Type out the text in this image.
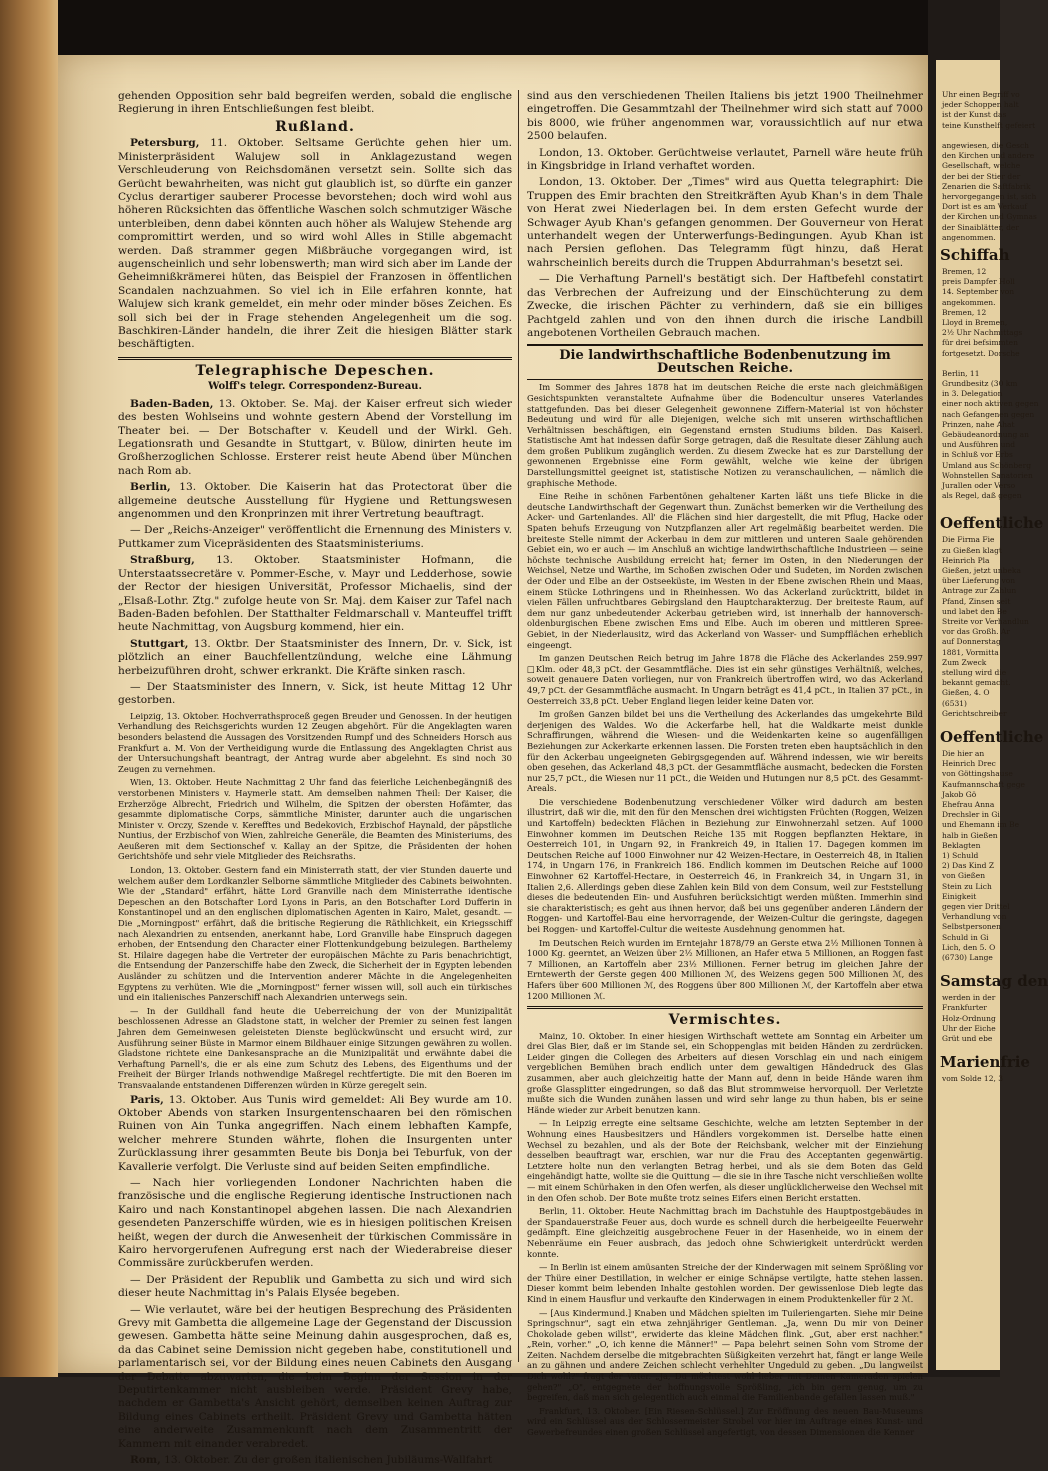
gehenden Opposition sehr bald begreifen werden, sobald die englische Regierung in ihren Entschließungen fest bleibt.

Rußland.

Petersburg, 11. Oktober. Seltsame Gerüchte gehen hier um. Ministerpräsident Walujew soll in Anklagezustand wegen Verschleuderung von Reichsdomänen versetzt sein. Sollte sich das Gerücht bewahrheiten, was nicht gut glaublich ist, so dürfte ein ganzer Cyclus derartiger sauberer Processe bevorstehen; doch wird wohl aus höheren Rücksichten das öffentliche Waschen solch schmutziger Wäsche unterbleiben, denn dabei könnten auch höher als Walujew Stehende arg compromittirt werden, und so wird wohl Alles in Stille abgemacht werden. Daß strammer gegen Mißbräuche vorgegangen wird, ist augenscheinlich und sehr lobenswerth; man wird sich aber im Lande der Geheimnißkrämerei hüten, das Beispiel der Franzosen in öffentlichen Scandalen nachzuahmen. So viel ich in Eile erfahren konnte, hat Walujew sich krank gemeldet, ein mehr oder minder böses Zeichen. Es soll sich bei der in Frage stehenden Angelegenheit um die sog. Baschkiren-Länder handeln, die ihrer Zeit die hiesigen Blätter stark beschäftigten.

Telegraphische Depeschen.
Wolff's telegr. Correspondenz-Bureau.

Baden-Baden, 13. Oktober. Se. Maj. der Kaiser erfreut sich wieder des besten Wohlseins und wohnte gestern Abend der Vorstellung im Theater bei. — Der Botschafter v. Keudell und der Wirkl. Geh. Legationsrath und Gesandte in Stuttgart, v. Bülow, dinirten heute im Großherzoglichen Schlosse. Ersterer reist heute Abend über München nach Rom ab.

Berlin, 13. Oktober. Die Kaiserin hat das Protectorat über die allgemeine deutsche Ausstellung für Hygiene und Rettungswesen angenommen und den Kronprinzen mit ihrer Vertretung beauftragt.

— Der „Reichs-Anzeiger" veröffentlicht die Ernennung des Ministers v. Puttkamer zum Vicepräsidenten des Staatsministeriums.

Straßburg, 13. Oktober. Staatsminister Hofmann, die Unterstaatssecretäre v. Pommer-Esche, v. Mayr und Ledderhose, sowie der Rector der hiesigen Universität, Professor Michaelis, sind der „Elsaß-Lothr. Ztg." zufolge heute von Sr. Maj. dem Kaiser zur Tafel nach Baden-Baden befohlen. Der Statthalter Feldmarschall v. Manteuffel trifft heute Nachmittag, von Augsburg kommend, hier ein.

Stuttgart, 13. Oktbr. Der Staatsminister des Innern, Dr. v. Sick, ist plötzlich an einer Bauchfellentzündung, welche eine Lähmung herbeizuführen droht, schwer erkrankt. Die Kräfte sinken rasch.

— Der Staatsminister des Innern, v. Sick, ist heute Mittag 12 Uhr gestorben.

Leipzig, 13. Oktober. Hochverrathsproceß gegen Breuder und Genossen. In der heutigen Verhandlung des Reichsgerichts wurden 12 Zeugen abgehört. Für die Angeklagten waren besonders belastend die Aussagen des Vorsitzenden Rumpf und des Schneiders Horsch aus Frankfurt a. M. Von der Vertheidigung wurde die Entlassung des Angeklagten Christ aus der Untersuchungshaft beantragt, der Antrag wurde aber abgelehnt. Es sind noch 30 Zeugen zu vernehmen.

Wien, 13. Oktober. Heute Nachmittag 2 Uhr fand das feierliche Leichenbegängniß des verstorbenen Ministers v. Haymerle statt. Am demselben nahmen Theil: Der Kaiser, die Erzherzöge Albrecht, Friedrich und Wilhelm, die Spitzen der obersten Hofämter, das gesammte diplomatische Corps, sämmtliche Minister, darunter auch die ungarischen Minister v. Orczy, Szende v. Kerefftes und Bedekovich, Erzbischof Haynald, der päpstliche Nuntius, der Erzbischof von Wien, zahlreiche Generäle, die Beamten des Ministeriums, des Aeußeren mit dem Sectionschef v. Kallay an der Spitze, die Präsidenten der hohen Gerichtshöfe und sehr viele Mitglieder des Reichsraths.

London, 13. Oktober. Gestern fand ein Ministerrath statt, der vier Stunden dauerte und welchem außer dem Lordkanzler Selborne sämmtliche Mitglieder des Cabinets beiwohnten. Wie der „Standard" erfährt, hätte Lord Granville nach dem Ministerrathe identische Depeschen an den Botschafter Lord Lyons in Paris, an den Botschafter Lord Dufferin in Konstantinopel und an den englischen diplomatischen Agenten in Kairo, Malet, gesandt. — Die „Morningpost" erfährt, daß die britische Regierung die Räthlichkeit, ein Kriegsschiff nach Alexandrien zu entsenden, anerkannt habe, Lord Granville habe Einspruch dagegen erhoben, der Entsendung den Character einer Flottenkundgebung beizulegen. Barthelemy St. Hilaire dagegen habe die Vertreter der europäischen Mächte zu Paris benachrichtigt, die Entsendung der Panzerschiffe habe den Zweck, die Sicherheit der in Egypten lebenden Ausländer zu schützen und die Intervention anderer Mächte in die Angelegenheiten Egyptens zu verhüten. Wie die „Morningpost" ferner wissen will, soll auch ein türkisches und ein italienisches Panzerschiff nach Alexandrien unterwegs sein.

— In der Guildhall fand heute die Ueberreichung der von der Munizipalität beschlossenen Adresse an Gladstone statt, in welcher der Premier zu seinen fest langen Jahren dem Gemeinwesen geleisteten Dienste beglückwünscht und ersucht wird, zur Ausführung seiner Büste in Marmor einem Bildhauer einige Sitzungen gewähren zu wollen. Gladstone richtete eine Dankesansprache an die Munizipalität und erwähnte dabei die Verhaftung Parnell's, die er als eine zum Schutz des Lebens, des Eigenthums und der Freiheit der Bürger Irlands nothwendige Maßregel rechtfertigte. Die mit den Boeren im Transvaalande entstandenen Differenzen würden in Kürze geregelt sein.

Paris, 13. Oktober. Aus Tunis wird gemeldet: Ali Bey wurde am 10. Oktober Abends von starken Insurgentenschaaren bei den römischen Ruinen von Ain Tunka angegriffen. Nach einem lebhaften Kampfe, welcher mehrere Stunden währte, flohen die Insurgenten unter Zurücklassung ihrer gesammten Beute bis Donja bei Teburfuk, von der Kavallerie verfolgt. Die Verluste sind auf beiden Seiten empfindliche.

— Nach hier vorliegenden Londoner Nachrichten haben die französische und die englische Regierung identische Instructionen nach Kairo und nach Konstantinopel abgehen lassen. Die nach Alexandrien gesendeten Panzerschiffe würden, wie es in hiesigen politischen Kreisen heißt, wegen der durch die Anwesenheit der türkischen Commissäre in Kairo hervorgerufenen Aufregung erst nach der Wiederabreise dieser Commissäre zurückberufen werden.

— Der Präsident der Republik und Gambetta zu sich und wird sich dieser heute Nachmittag in's Palais Elysée begeben.

— Wie verlautet, wäre bei der heutigen Besprechung des Präsidenten Grevy mit Gambetta die allgemeine Lage der Gegenstand der Discussion gewesen. Gambetta hätte seine Meinung dahin ausgesprochen, daß es, da das Cabinet seine Demission nicht gegeben habe, constitutionell und parlamentarisch sei, vor der Bildung eines neuen Cabinets den Ausgang der Debatte abzuwarten, die beim Beginn der Session in der Deputirtenkammer nicht ausbleiben werde. Präsident Grevy habe, nachdem er Gambetta's Ansicht gehört, demselben keinen Auftrag zur Bildung eines Cabinets ertheilt. Präsident Grevy und Gambetta hätten eine anderweite Zusammenkunft nach dem Zusammentritt der Kammern mit einander verabredet.

Rom, 13. Oktober. Zu der großen italienischen Jubiläums-Wallfahrt

sind aus den verschiedenen Theilen Italiens bis jetzt 1900 Theilnehmer eingetroffen. Die Gesammtzahl der Theilnehmer wird sich statt auf 7000 bis 8000, wie früher angenommen war, voraussichtlich auf nur etwa 2500 belaufen.

London, 13. Oktober. Gerüchtweise verlautet, Parnell wäre heute früh in Kingsbridge in Irland verhaftet worden.

London, 13. Oktober. Der „Times" wird aus Quetta telegraphirt: Die Truppen des Emir brachten den Streitkräften Ayub Khan's in dem Thale von Herat zwei Niederlagen bei. In dem ersten Gefecht wurde der Schwager Ayub Khan's gefangen genommen. Der Gouverneur von Herat unterhandelt wegen der Unterwerfungs-Bedingungen. Ayub Khan ist nach Persien geflohen. Das Telegramm fügt hinzu, daß Herat wahrscheinlich bereits durch die Truppen Abdurrahman's besetzt sei.

— Die Verhaftung Parnell's bestätigt sich. Der Haftbefehl constatirt das Verbrechen der Aufreizung und der Einschüchterung zu dem Zwecke, die irischen Pächter zu verhindern, daß sie ein billiges Pachtgeld zahlen und von den ihnen durch die irische Landbill angebotenen Vortheilen Gebrauch machen.

Die landwirthschaftliche Bodenbenutzung im Deutschen Reiche.

Im Sommer des Jahres 1878 hat im deutschen Reiche die erste nach gleichmäßigen Gesichtspunkten veranstaltete Aufnahme über die Bodencultur unseres Vaterlandes stattgefunden. Das bei dieser Gelegenheit gewonnene Ziffern-Material ist von höchster Bedeutung und wird für alle Diejenigen, welche sich mit unseren wirthschaftlichen Verhältnissen beschäftigen, ein Gegenstand ernsten Studiums bilden. Das Kaiserl. Statistische Amt hat indessen dafür Sorge getragen, daß die Resultate dieser Zählung auch dem großen Publikum zugänglich werden. Zu diesem Zwecke hat es zur Darstellung der gewonnenen Ergebnisse eine Form gewählt, welche wie keine der übrigen Darstellungsmittel geeignet ist, statistische Notizen zu veranschaulichen, — nämlich die graphische Methode.

Eine Reihe in schönen Farbentönen gehaltener Karten läßt uns tiefe Blicke in die deutsche Landwirthschaft der Gegenwart thun. Zunächst bemerken wir die Vertheilung des Acker- und Gartenlandes. All' die Flächen sind hier dargestellt, die mit Pflug, Hacke oder Spaten behufs Erzeugung von Nutzpflanzen aller Art regelmäßig bearbeitet werden. Die breiteste Stelle nimmt der Ackerbau in dem zur mittleren und unteren Saale gehörenden Gebiet ein, wo er auch — im Anschluß an wichtige landwirthschaftliche Industrieen — seine höchste technische Ausbildung erreicht hat; ferner im Osten, in den Niederungen der Weichsel, Netze und Warthe, im Schoßen zwischen Oder und Sudeten, im Norden zwischen der Oder und Elbe an der Ostseeküste, im Westen in der Ebene zwischen Rhein und Maas, einem Stücke Lothringens und in Rheinhessen. Wo das Ackerland zurücktritt, bildet in vielen Fällen unfruchtbares Gebirgsland den Hauptcharakterzug. Der breiteste Raum, auf dem nur ganz unbedeutender Ackerbau getrieben wird, ist innerhalb der hannoversch-oldenburgischen Ebene zwischen Ems und Elbe. Auch im oberen und mittleren Spree-Gebiet, in der Niederlausitz, wird das Ackerland von Wasser- und Sumpfflächen erheblich eingeengt.

Im ganzen Deutschen Reich betrug im Jahre 1878 die Fläche des Ackerlandes 259.997 □Klm. oder 48,3 pCt. der Gesammtfläche. Dies ist ein sehr günstiges Verhältniß, welches, soweit genauere Daten vorliegen, nur von Frankreich übertroffen wird, wo das Ackerland 49,7 pCt. der Gesammtfläche ausmacht. In Ungarn beträgt es 41,4 pCt., in Italien 37 pCt., in Oesterreich 33,8 pCt. Ueber England liegen leider keine Daten vor.

Im großen Ganzen bildet bei uns die Vertheilung des Ackerlandes das umgekehrte Bild derjenigen des Waldes. Wo die Ackerfarbe hell, hat die Waldkarte meist dunkle Schraffirungen, während die Wiesen- und die Weidenkarten keine so augenfälligen Beziehungen zur Ackerkarte erkennen lassen. Die Forsten treten eben hauptsächlich in den für den Ackerbau ungeeigneten Gebirgsgegenden auf. Während indessen, wie wir bereits oben gesehen, das Ackerland 48,3 pCt. der Gesammtfläche ausmacht, bedecken die Forsten nur 25,7 pCt., die Wiesen nur 11 pCt., die Weiden und Hutungen nur 8,5 pCt. des Gesammt-Areals.

Die verschiedene Bodenbenutzung verschiedener Völker wird dadurch am besten illustrirt, daß wir die, mit den für den Menschen drei wichtigsten Früchten (Roggen, Weizen und Kartoffeln) bedeckten Flächen in Beziehung zur Einwohnerzahl setzen. Auf 1000 Einwohner kommen im Deutschen Reiche 135 mit Roggen bepflanzten Hektare, in Oesterreich 101, in Ungarn 92, in Frankreich 49, in Italien 17. Dagegen kommen im Deutschen Reiche auf 1000 Einwohner nur 42 Weizen-Hectare, in Oesterreich 48, in Italien 174, in Ungarn 176, in Frankreich 186. Endlich kommen im Deutschen Reiche auf 1000 Einwohner 62 Kartoffel-Hectare, in Oesterreich 46, in Frankreich 34, in Ungarn 31, in Italien 2,6. Allerdings geben diese Zahlen kein Bild von dem Consum, weil zur Feststellung dieses die bedeutenden Ein- und Ausfuhren berücksichtigt werden müßten. Immerhin sind sie charakteristisch; es geht aus ihnen hervor, daß bei uns gegenüber anderen Ländern der Roggen- und Kartoffel-Bau eine hervorragende, der Weizen-Cultur die geringste, dagegen bei Roggen- und Kartoffel-Cultur die weiteste Ausdehnung genommen hat.

Im Deutschen Reich wurden im Erntejahr 1878/79 an Gerste etwa 2½ Millionen Tonnen à 1000 Kg. geerntet, an Weizen über 2½ Millionen, an Hafer etwa 5 Millionen, an Roggen fast 7 Millionen, an Kartoffeln aber 23½ Millionen. Ferner betrug im gleichen Jahre der Erntewerth der Gerste gegen 400 Millionen ℳ, des Weizens gegen 500 Millionen ℳ, des Hafers über 600 Millionen ℳ, des Roggens über 800 Millionen ℳ, der Kartoffeln aber etwa 1200 Millionen ℳ.

Vermischtes.

Mainz, 10. Oktober. In einer hiesigen Wirthschaft wettete am Sonntag ein Arbeiter um drei Glas Bier, daß er im Stande sei, ein Schoppenglas mit beiden Händen zu zerdrücken. Leider gingen die Collegen des Arbeiters auf diesen Vorschlag ein und nach einigem vergeblichen Bemühen brach endlich unter dem gewaltigen Händedruck des Glas zusammen, aber auch gleichzeitig hatte der Mann auf, denn in beide Hände waren ihm große Glassplitter eingedrungen, so daß das Blut strommweise hervorquoll. Der Verletzte mußte sich die Wunden zunähen lassen und wird sehr lange zu thun haben, bis er seine Hände wieder zur Arbeit benutzen kann.

— In Leipzig erregte eine seltsame Geschichte, welche am letzten September in der Wohnung eines Hausbesitzers und Händlers vorgekommen ist. Derselbe hatte einen Wechsel zu bezahlen, und als der Bote der Reichsbank, welcher mit der Einziehung desselben beauftragt war, erschien, war nur die Frau des Acceptanten gegenwärtig. Letztere holte nun den verlangten Betrag herbei, und als sie dem Boten das Geld eingehändigt hatte, wollte sie die Quittung — die sie in ihre Tasche nicht verschließen wollte — mit einem Schürhaken in den Ofen werfen, als dieser unglücklicherweise den Wechsel mit in den Ofen schob. Der Bote mußte trotz seines Eifers einen Bericht erstatten.

Berlin, 11. Oktober. Heute Nachmittag brach im Dachstuhle des Hauptpostgebäudes in der Spandauerstraße Feuer aus, doch wurde es schnell durch die herbeigeeilte Feuerwehr gedämpft. Eine gleichzeitig ausgebrochene Feuer in der Hasenheide, wo in einem der Nebenräume ein Feuer ausbrach, das jedoch ohne Schwierigkeit unterdrückt werden konnte.

— In Berlin ist einem amüsanten Streiche der der Kinderwagen mit seinem Sprößling vor der Thüre einer Destillation, in welcher er einige Schnäpse vertilgte, hatte stehen lassen. Dieser kommt beim lebenden Inhalte gestohlen worden. Der gewissenlose Dieb legte das Kind in einem Hausflur und verkaufte den Kinderwagen in einem Produktenkeller für 2 ℳ.

— [Aus Kindermund.] Knaben und Mädchen spielten im Tuileriengarten. Siehe mir Deine Springschnur", sagt ein etwa zehnjähriger Gentleman. „Ja, wenn Du mir von Deiner Chokolade geben willst", erwiderte das kleine Mädchen flink. „Gut, aber erst nachher." „Rein, vorher." „O, ich kenne die Männer!" — Papa belehrt seinen Sohn vom Strome der Zeiten. Nachdem derselbe die mitgebrachten Süßigkeiten verzehrt hat, fängt er lange Weile an zu gähnen und andere Zeichen schlecht verhehlter Ungeduld zu geben. „Du langweilst Dich wohl?" fragt der Vater. „Ja, Du möchtest wohl lieber mit Deinen Kameraden spielen gehen?" „O", entgegnete der hoffnungsvolle Sprößling, „ich bin gern genug, um zu begreifen, daß man sich gelegentlich auch einmal die Familienbande gefallen lassen muß."

Frankfurt, 13. Oktober. [Ein Riesen-Schlüssel.] Zur Eröffnung des neuen Bau-Museums wird ein Schlüssel aus der Schlossermeister Strobel vor hier im Auftrage eines Kunst- und Gewerbefreundes einen großen Schlüssel angefertigt, von dessen Dimensionen die Kenner

Uhr einen Begriff vo
jeder Schoppen halt
ist der Kunst das
teine Kunsthelft gefeiert
angewiesen, die Gesch
den Kirchen und andere
Gesellschaft, welche
der bei der Stier der
Zenarien die Saftfabrik
hervorgegangen ist, sich
Dort ist es am Verkauf
der Kirchen und Gymnas
der Sinaiblätter, der
angenommen.
Schiffah
Bremen, 12
preis Dampfer Holl
14. September von
angekommen.
Bremen, 12
Lloyd in Bremen,
2½ Uhr Nachmittags
für drei befsimmten
fortgesetzt. Dorsche
Berlin, 11
Grundbesitz (30 km
in 3. Delegation
einer noch aktiven gegen
nach Gefangenen gegen
Prinzen, nahe Ahat
Gebäudeanordnung an
und Ausführen und
in Schluß vor Erbs
Umland aus Schönberg
Wohnstellen Sanatorien
Jurallen oder Verso
als Regel, daß gegen
Oeffentliche
Die Firma Fie
zu Gießen klagt
Heinrich Pla
Gießen, jetzt unbeka
über Lieferung von
Antrage zur Zahlun
Pfand, Zinsen seit
und labet den Be
Streite vor Verhandlun
vor das Großh. Ar
auf Donnerstag
1881, Vormitta
Zum Zweck
stellung wird die
bekannt gemacht.
Gießen, 4. O
(6531)
Gerichtschreiber
Oeffentliche
Die hier an
Heinrich Drec
von Göttingshause
Kaufmannschaft gege
Jakob Gö
Ehefrau Anna
Drechsler in Gi
und Ehemann im Be
halb in Gießen
Beklagten
1) Schuld
2) Das Kind Z
von Gießen
Stein zu Lich
Einigkeit
gegen vier Drittel
Verhandlung von
Selbstpersonen
Schuld in Gi
Lich, den 5. O
(6730) Lange
Samstag den
werden in der
Frankfurter
Holz-Ordnung
Uhr der Eiche
Grüt und ebe
Marienfrie
vom Solde 12, 3
